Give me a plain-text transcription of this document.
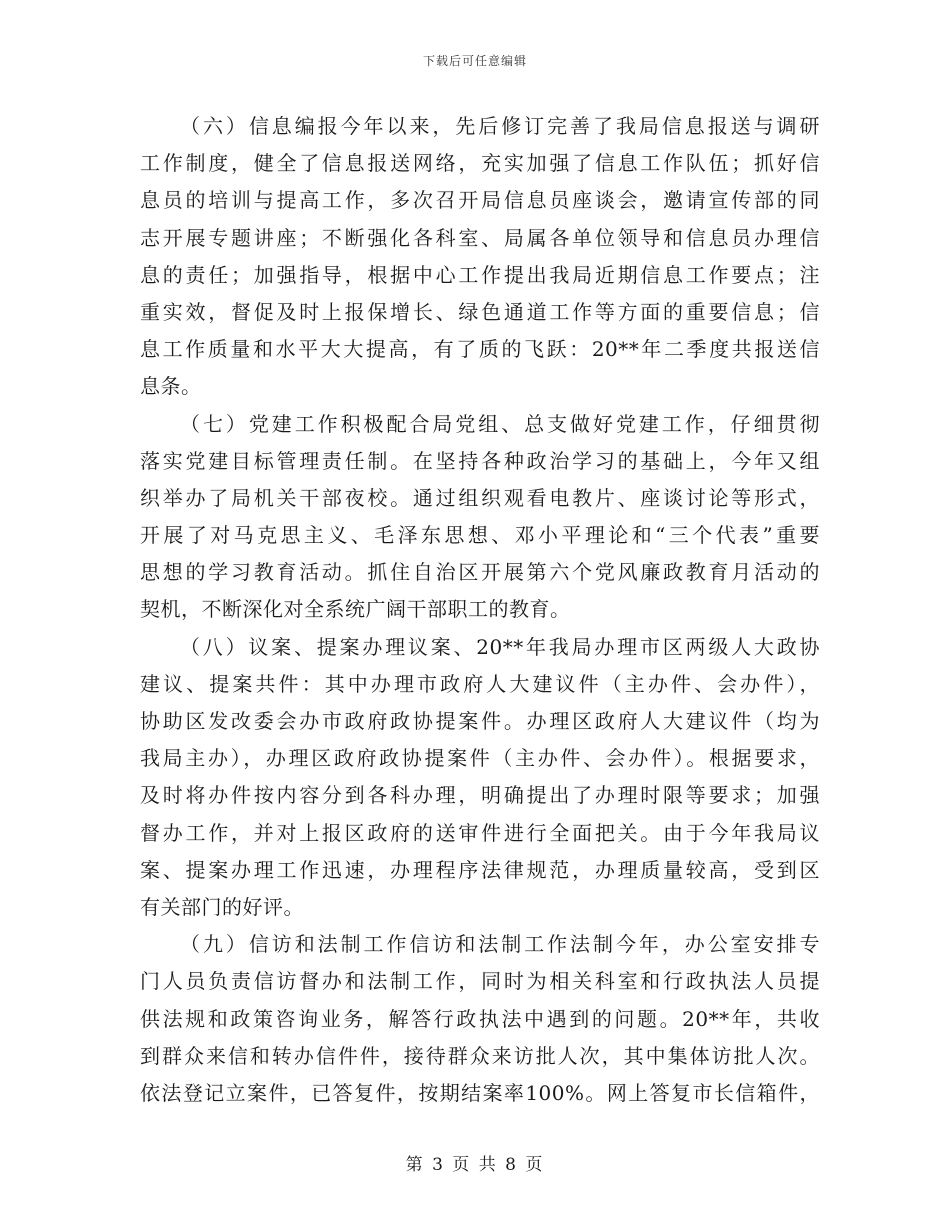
下载后可任意编辑
（六）信息编报今年以来，先后修订完善了我局信息报送与调研
工作制度，健全了信息报送网络，充实加强了信息工作队伍；抓好信
息员的培训与提高工作，多次召开局信息员座谈会，邀请宣传部的同
志开展专题讲座；不断强化各科室、局属各单位领导和信息员办理信
息的责任；加强指导，根据中心工作提出我局近期信息工作要点；注
重实效，督促及时上报保增长、绿色通道工作等方面的重要信息；信
息工作质量和水平大大提高，有了质的飞跃：20**年二季度共报送信
息条。
（七）党建工作积极配合局党组、总支做好党建工作，仔细贯彻
落实党建目标管理责任制。在坚持各种政治学习的基础上，今年又组
织举办了局机关干部夜校。通过组织观看电教片、座谈讨论等形式，
开展了对马克思主义、毛泽东思想、邓小平理论和“三个代表”重要
思想的学习教育活动。抓住自治区开展第六个党风廉政教育月活动的
契机，不断深化对全系统广阔干部职工的教育。
（八）议案、提案办理议案、20**年我局办理市区两级人大政协
建议、提案共件：其中办理市政府人大建议件（主办件、会办件），
协助区发改委会办市政府政协提案件。办理区政府人大建议件（均为
我局主办），办理区政府政协提案件（主办件、会办件）。根据要求，
及时将办件按内容分到各科办理，明确提出了办理时限等要求；加强
督办工作，并对上报区政府的送审件进行全面把关。由于今年我局议
案、提案办理工作迅速，办理程序法律规范，办理质量较高，受到区
有关部门的好评。
（九）信访和法制工作信访和法制工作法制今年，办公室安排专
门人员负责信访督办和法制工作，同时为相关科室和行政执法人员提
供法规和政策咨询业务，解答行政执法中遇到的问题。20**年，共收
到群众来信和转办信件件，接待群众来访批人次，其中集体访批人次。
依法登记立案件，已答复件，按期结案率100%。网上答复市长信箱件，
第 3 页 共 8 页
